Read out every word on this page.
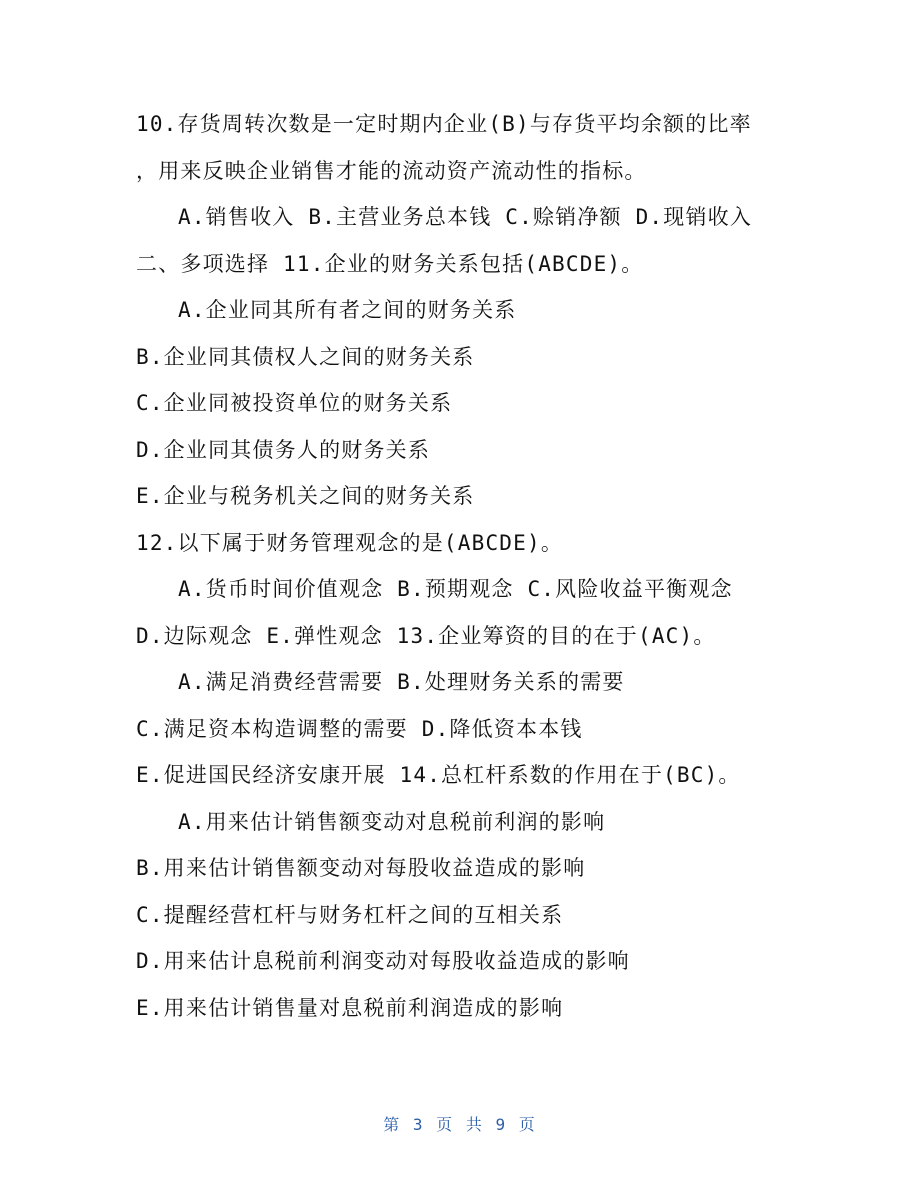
10.存货周转次数是一定时期内企业(B)与存货平均余额的比率
，用来反映企业销售才能的流动资产流动性的指标。
A.销售收入 B.主营业务总本钱 C.赊销净额 D.现销收入
二、多项选择 11.企业的财务关系包括(ABCDE)。
A.企业同其所有者之间的财务关系
B.企业同其债权人之间的财务关系
C.企业同被投资单位的财务关系
D.企业同其债务人的财务关系
E.企业与税务机关之间的财务关系
12.以下属于财务管理观念的是(ABCDE)。
A.货币时间价值观念 B.预期观念 C.风险收益平衡观念
D.边际观念 E.弹性观念 13.企业筹资的目的在于(AC)。
A.满足消费经营需要 B.处理财务关系的需要
C.满足资本构造调整的需要 D.降低资本本钱
E.促进国民经济安康开展 14.总杠杆系数的作用在于(BC)。
A.用来估计销售额变动对息税前利润的影响
B.用来估计销售额变动对每股收益造成的影响
C.提醒经营杠杆与财务杠杆之间的互相关系
D.用来估计息税前利润变动对每股收益造成的影响
E.用来估计销售量对息税前利润造成的影响
第 3 页 共 9 页
